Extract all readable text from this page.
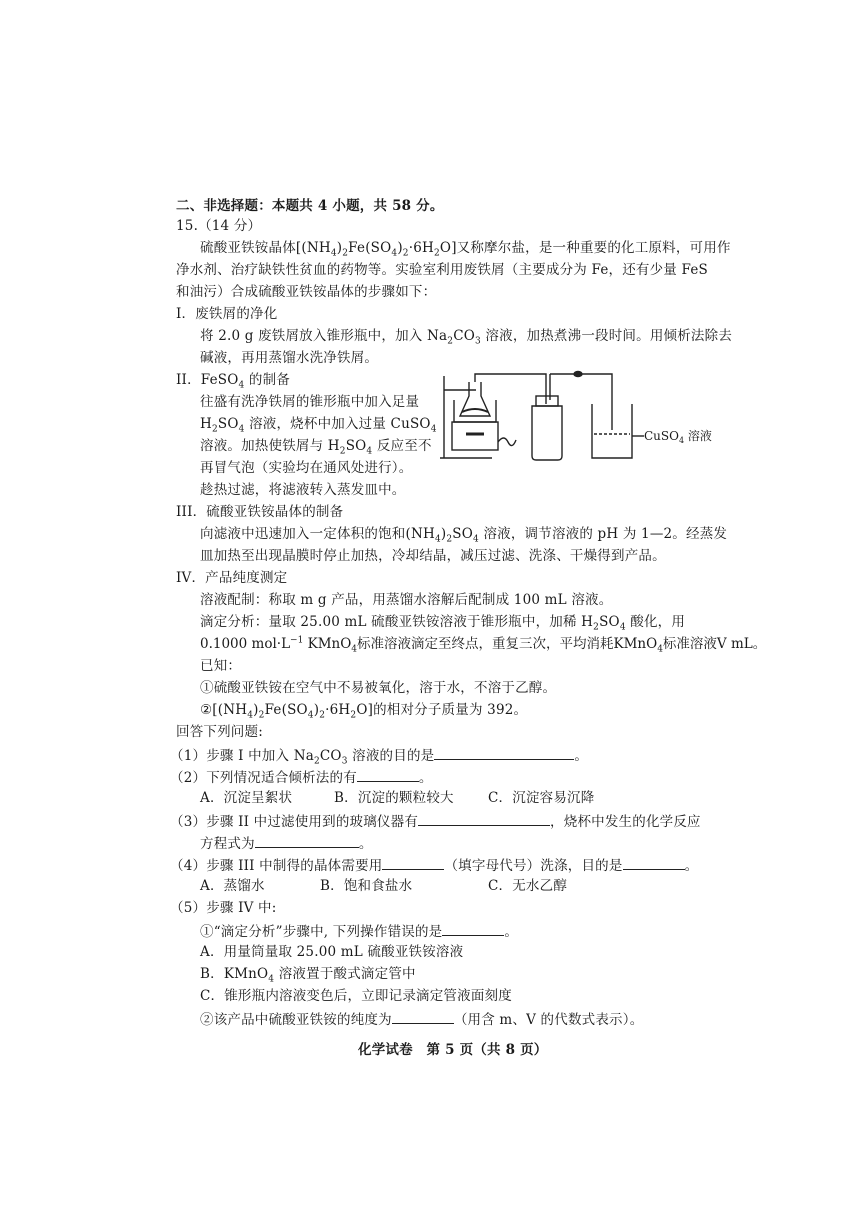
二、非选择题：本题共 4 小题，共 58 分。
15.（14 分）
硫酸亚铁铵晶体$[(NH_4)_2Fe(SO_4)_2\cdot 6H_2O]$又称摩尔盐，是一种重要的化工原料，可用作
净水剂、治疗缺铁性贫血的药物等。实验室利用废铁屑（主要成分为 Fe，还有少量 FeS
和油污）合成硫酸亚铁铵晶体的步骤如下：
I．废铁屑的净化
将 2.0 g 废铁屑放入锥形瓶中，加入 $Na_2CO_3$ 溶液，加热煮沸一段时间。用倾析法除去
碱液，再用蒸馏水洗净铁屑。
II．FeSO$_4$ 的制备
往盛有洗净铁屑的锥形瓶中加入足量
$H_2SO_4$ 溶液，烧杯中加入过量 CuSO$_4$
溶液。加热使铁屑与 $H_2SO_4$ 反应至不
再冒气泡（实验均在通风处进行）。
趁热过滤，将滤液转入蒸发皿中。
CuSO$_4$ 溶液
III．硫酸亚铁铵晶体的制备
向滤液中迅速加入一定体积的饱和$(NH_4)_2SO_4$ 溶液，调节溶液的 pH 为 1—2。经蒸发
皿加热至出现晶膜时停止加热，冷却结晶，减压过滤、洗涤、干燥得到产品。
IV．产品纯度测定
溶液配制：称取 m g 产品，用蒸馏水溶解后配制成 100 mL 溶液。
滴定分析：量取 25.00 mL 硫酸亚铁铵溶液于锥形瓶中，加稀 $H_2SO_4$ 酸化，用
0.1000 $mol\cdot L^{-1}$ KMnO$_4$标准溶液滴定至终点，重复三次，平均消耗KMnO$_4$标准溶液V mL。
已知：
①硫酸亚铁铵在空气中不易被氧化，溶于水，不溶于乙醇。
$②[(NH_4)_2Fe(SO_4)_2\cdot 6H_2O]$的相对分子质量为 392。
回答下列问题:
（1）步骤 I 中加入 $Na_2CO_3$ 溶液的目的是	。
（2）下列情况适合倾析法的有	。
A．沉淀呈絮状	B．沉淀的颗粒较大	C．沉淀容易沉降
（3）步骤 II 中过滤使用到的玻璃仪器有	，烧杯中发生的化学反应
方程式为	。
（4）步骤 III 中制得的晶体需要用	（填字母代号）洗涤，目的是	。
A．蒸馏水	B．饱和食盐水	C．无水乙醇
（5）步骤 IV 中:
①“滴定分析”步骤中, 下列操作错误的是	。
A．用量筒量取 25.00 mL 硫酸亚铁铵溶液
B．KMnO$_4$ 溶液置于酸式滴定管中
C．锥形瓶内溶液变色后，立即记录滴定管液面刻度
②该产品中硫酸亚铁铵的纯度为	（用含 m、V 的代数式表示）。
化学试卷　第 5 页（共 8 页）
